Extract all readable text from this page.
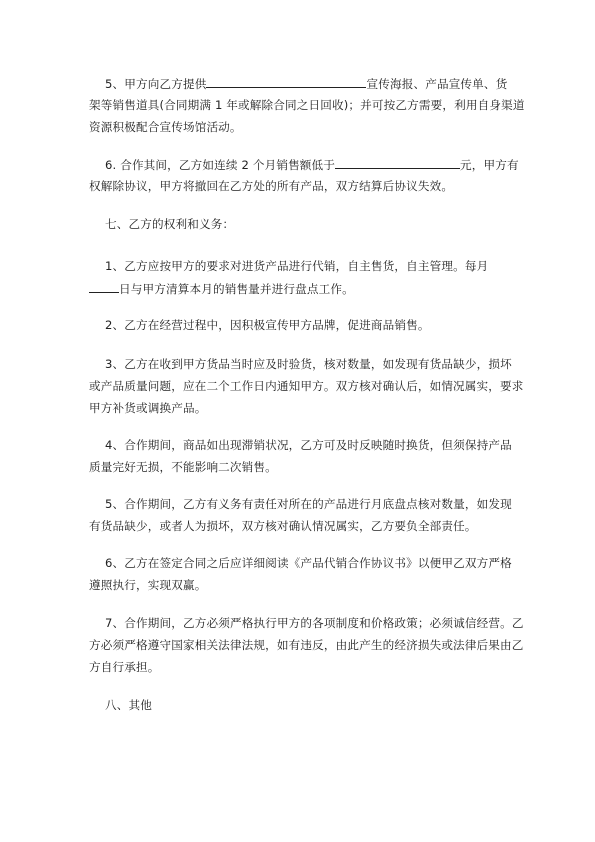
5、甲方向乙方提供	宣传海报、产品宣传单、货
架等销售道具(合同期满 1 年或解除合同之日回收)；并可按乙方需要，利用自身渠道
资源积极配合宣传场馆活动。
6. 合作其间，乙方如连续 2 个月销售额低于	元，甲方有
权解除协议，甲方将撤回在乙方处的所有产品，双方结算后协议失效。
七、乙方的权利和义务：
1、乙方应按甲方的要求对进货产品进行代销，自主售货，自主管理。每月
日与甲方清算本月的销售量并进行盘点工作。
2、乙方在经营过程中，因积极宣传甲方品牌，促进商品销售。
3、乙方在收到甲方货品当时应及时验货，核对数量，如发现有货品缺少，损坏
或产品质量问题，应在二个工作日内通知甲方。双方核对确认后，如情况属实，要求
甲方补货或调换产品。
4、合作期间，商品如出现滞销状况，乙方可及时反映随时换货，但须保持产品
质量完好无损，不能影响二次销售。
5、合作期间，乙方有义务有责任对所在的产品进行月底盘点核对数量，如发现
有货品缺少，或者人为损坏，双方核对确认情况属实，乙方要负全部责任。
6、乙方在签定合同之后应详细阅读《产品代销合作协议书》以便甲乙双方严格
遵照执行，实现双赢。
7、合作期间，乙方必须严格执行甲方的各项制度和价格政策；必须诚信经营。乙
方必须严格遵守国家相关法律法规，如有违反，由此产生的经济损失或法律后果由乙
方自行承担。
八、其他
